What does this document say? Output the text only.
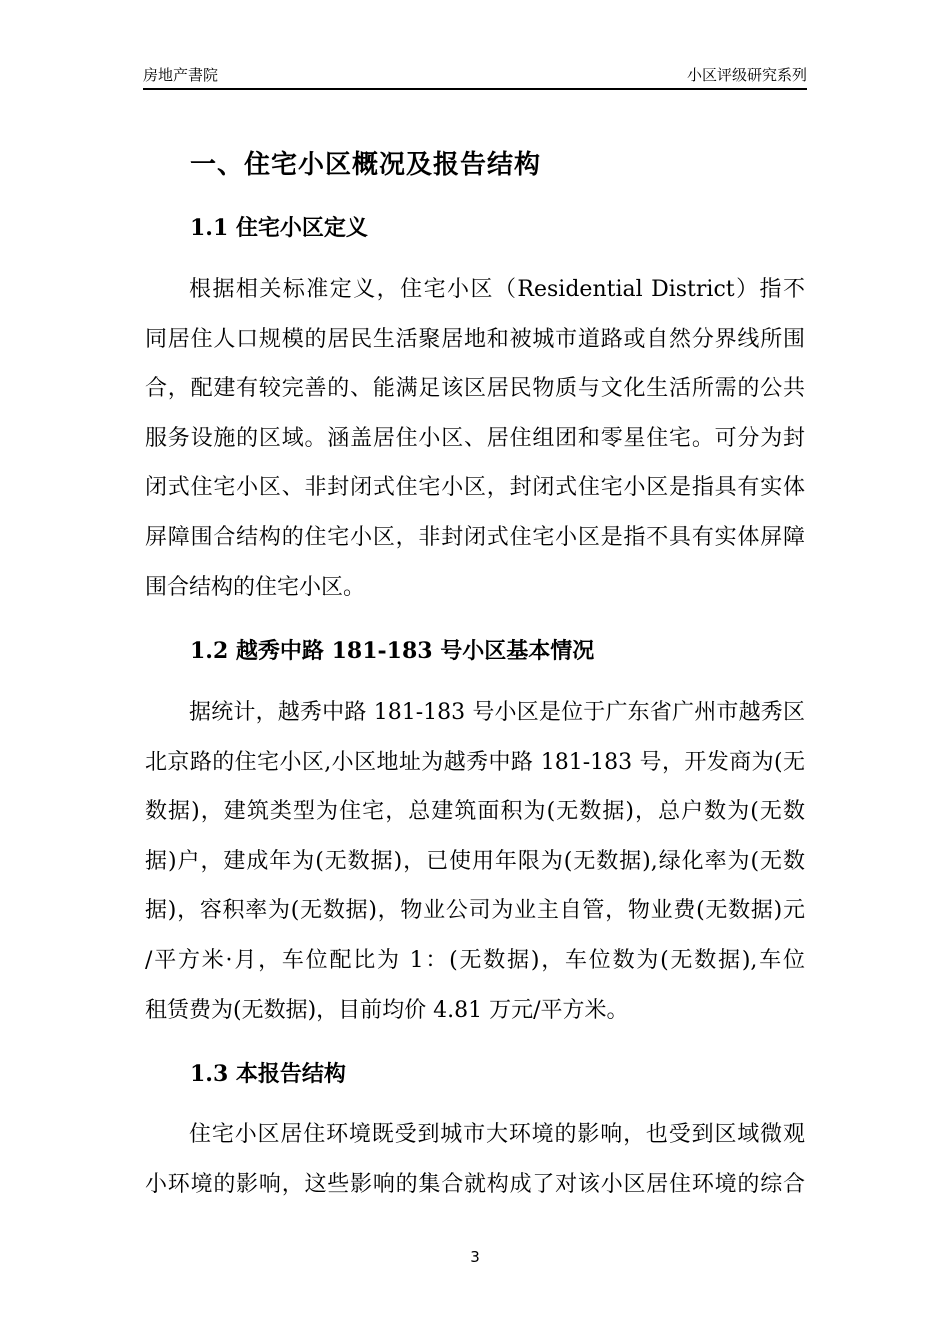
房地产書院	小区评级研究系列
一、住宅小区概况及报告结构
1.1 住宅小区定义
根据相关标准定义，住宅小区（Residential District）指不
同居住人口规模的居民生活聚居地和被城市道路或自然分界线所围
合，配建有较完善的、能满足该区居民物质与文化生活所需的公共
服务设施的区域。涵盖居住小区、居住组团和零星住宅。可分为封
闭式住宅小区、非封闭式住宅小区，封闭式住宅小区是指具有实体
屏障围合结构的住宅小区，非封闭式住宅小区是指不具有实体屏障
围合结构的住宅小区。
1.2 越秀中路 181-183 号小区基本情况
据统计，越秀中路 181-183 号小区是位于广东省广州市越秀区
北京路的住宅小区,小区地址为越秀中路 181-183 号，开发商为(无
数据)，建筑类型为住宅，总建筑面积为(无数据)，总户数为(无数
据)户，建成年为(无数据)，已使用年限为(无数据),绿化率为(无数
据)，容积率为(无数据)，物业公司为业主自管，物业费(无数据)元
/平方米·月，车位配比为 1：(无数据)，车位数为(无数据),车位
租赁费为(无数据)，目前均价 4.81 万元/平方米。
1.3 本报告结构
住宅小区居住环境既受到城市大环境的影响，也受到区域微观
小环境的影响，这些影响的集合就构成了对该小区居住环境的综合
3
